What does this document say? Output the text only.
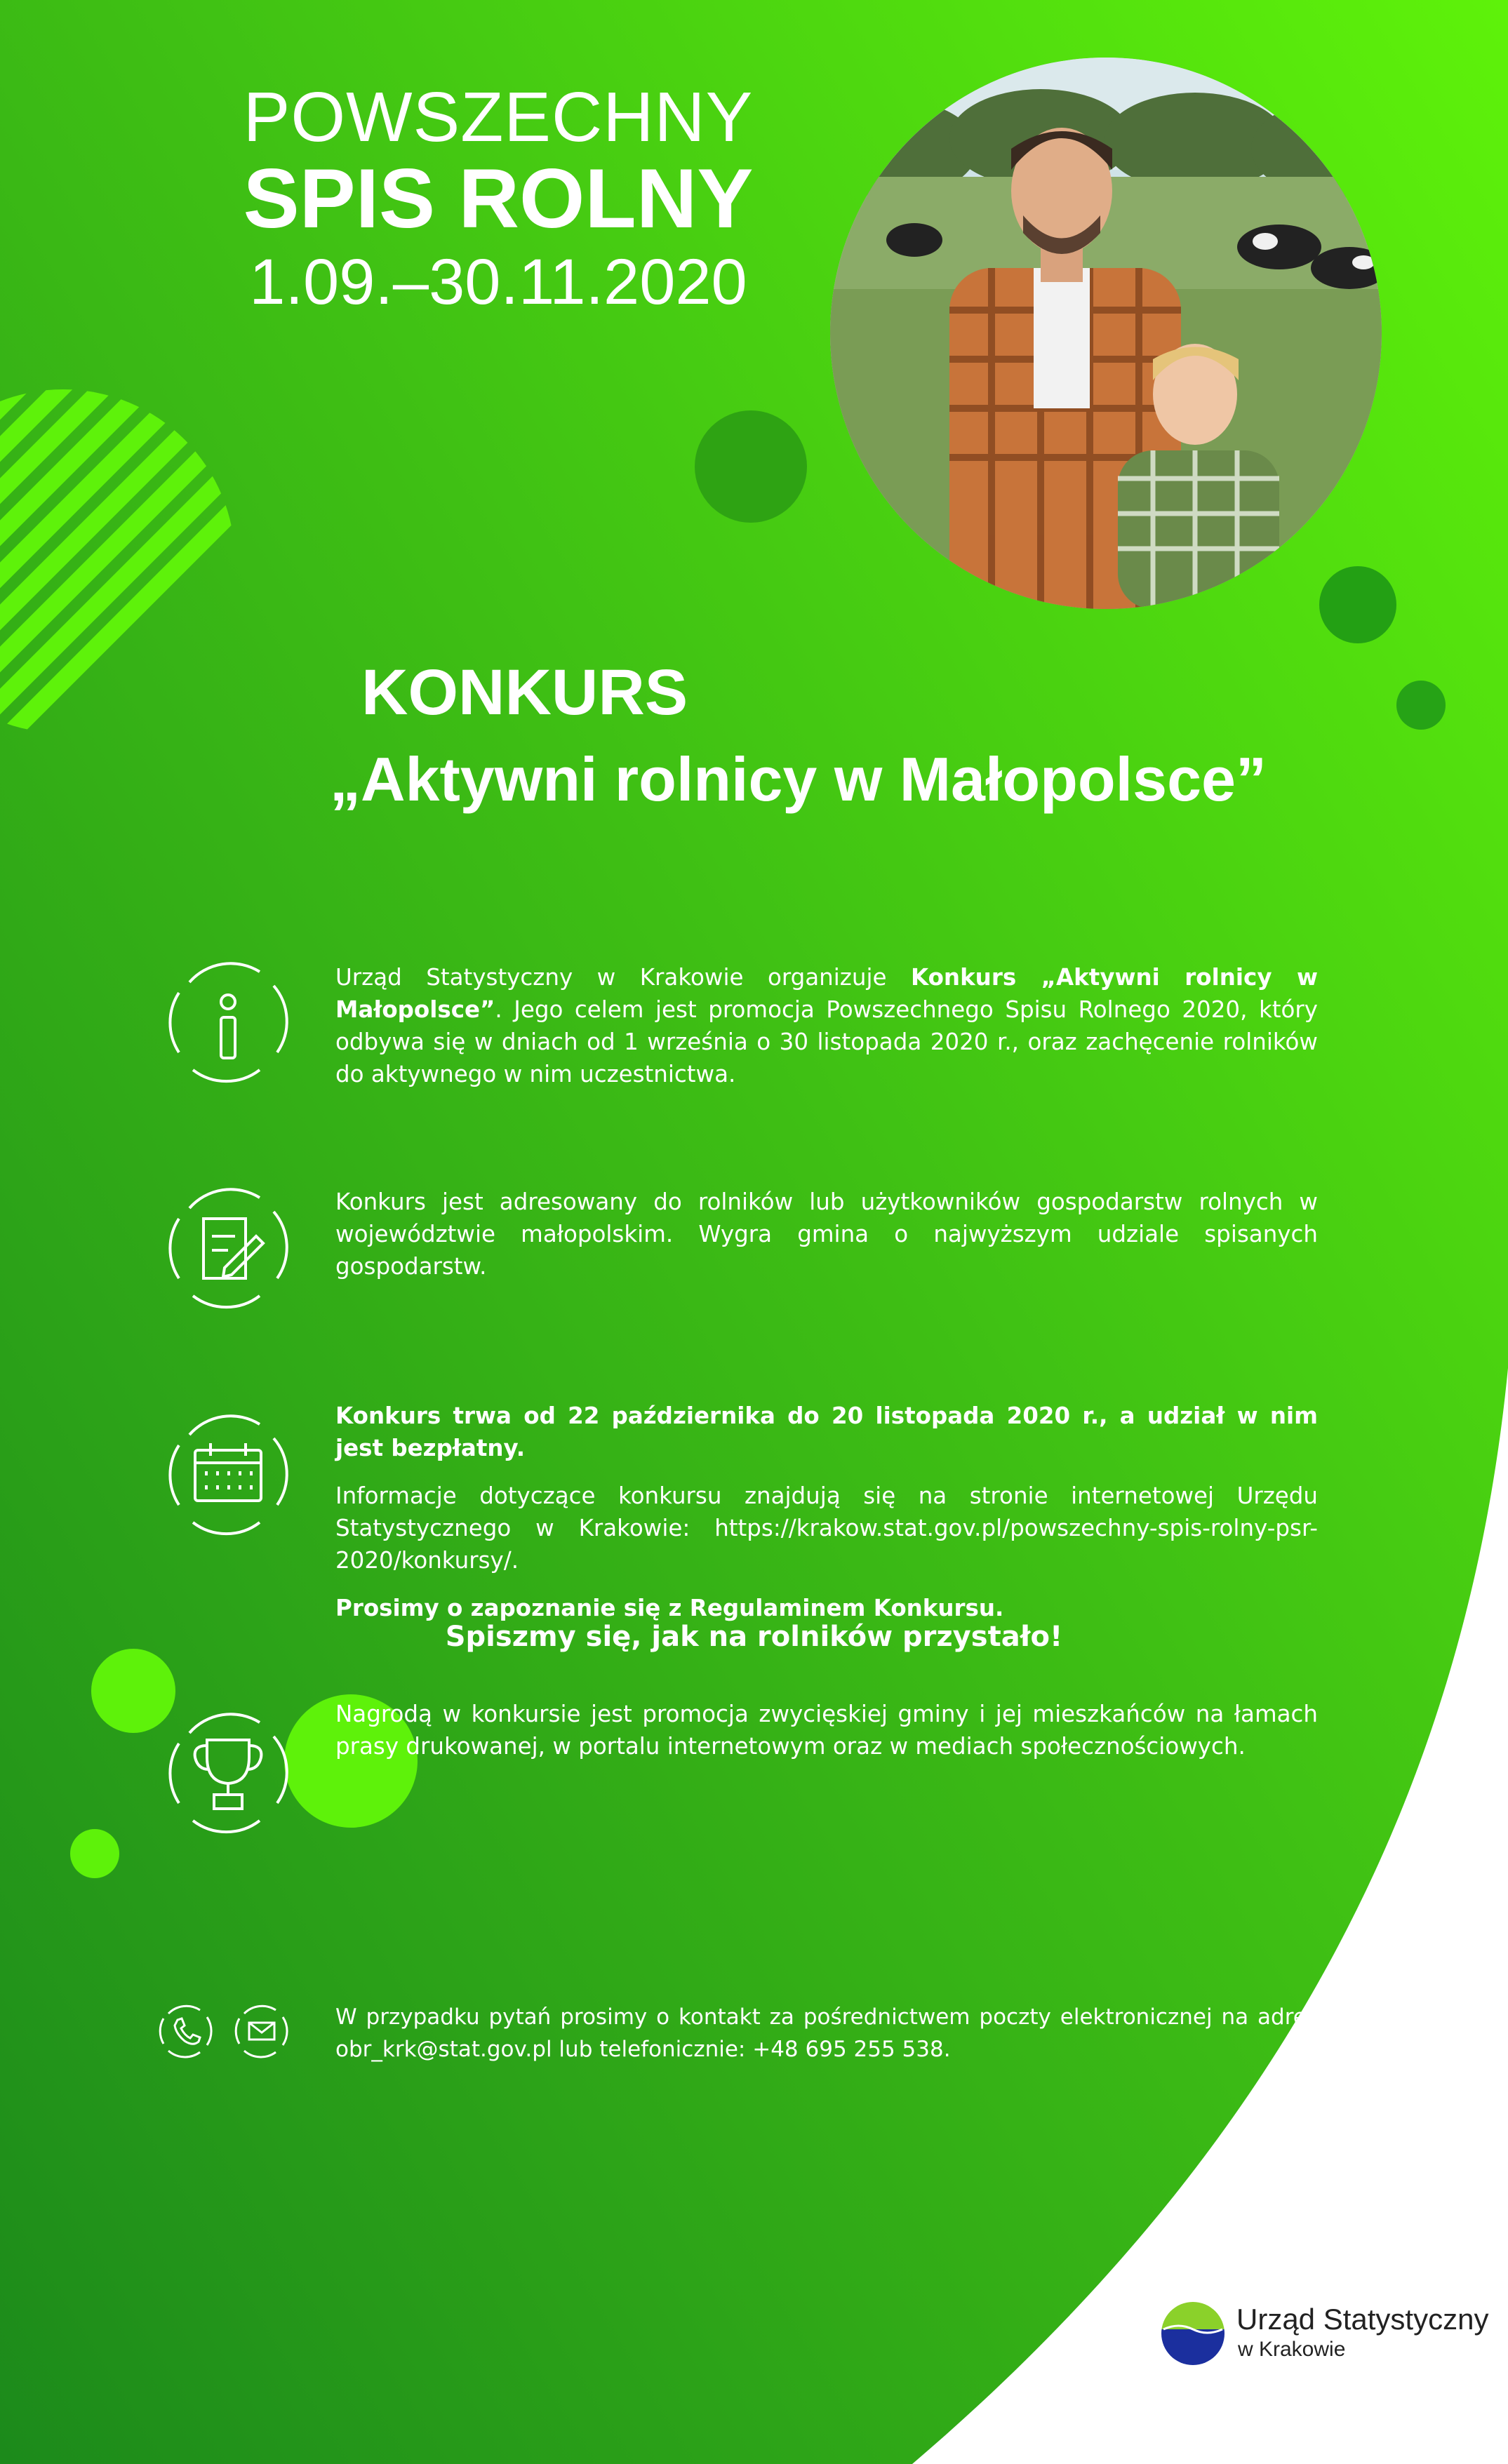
POWSZECHNY
SPIS ROLNY
1.09.–30.11.2020
KONKURS
„Aktywni rolnicy w Małopolsce”

Urząd Statystyczny w Krakowie organizuje Konkurs „Aktywni rolnicy w Małopolsce”. Jego celem jest promocja Powszechnego Spisu Rolnego 2020, który odbywa się w dniach od 1 września o 30 listopada 2020 r., oraz zachęcenie rolników do aktywnego w nim uczestnictwa.

Konkurs jest adresowany do rolników lub użytkowników gospodarstw rolnych w województwie małopolskim. Wygra gmina o najwyższym udziale spisanych gospodarstw.

Konkurs trwa od 22 października do 20 listopada 2020 r., a udział w nim jest bezpłatny.

Informacje dotyczące konkursu znajdują się na stronie internetowej Urzędu Statystycznego w Krakowie: https://krakow.stat.gov.pl/powszechny-spis-rolny-psr-2020/konkursy/.

Prosimy o zapoznanie się z Regulaminem Konkursu.

Nagrodą w konkursie jest promocja zwycięskiej gminy i jej mieszkańców na łamach prasy drukowanej, w portalu internetowym oraz w mediach społecznościowych.

W przypadku pytań prosimy o kontakt za pośrednictwem poczty elektronicznej na adres obr_krk@stat.gov.pl lub telefonicznie: +48 695 255 538.

Spiszmy się, jak na rolników przystało!
Urząd Statystyczny
w Krakowie
